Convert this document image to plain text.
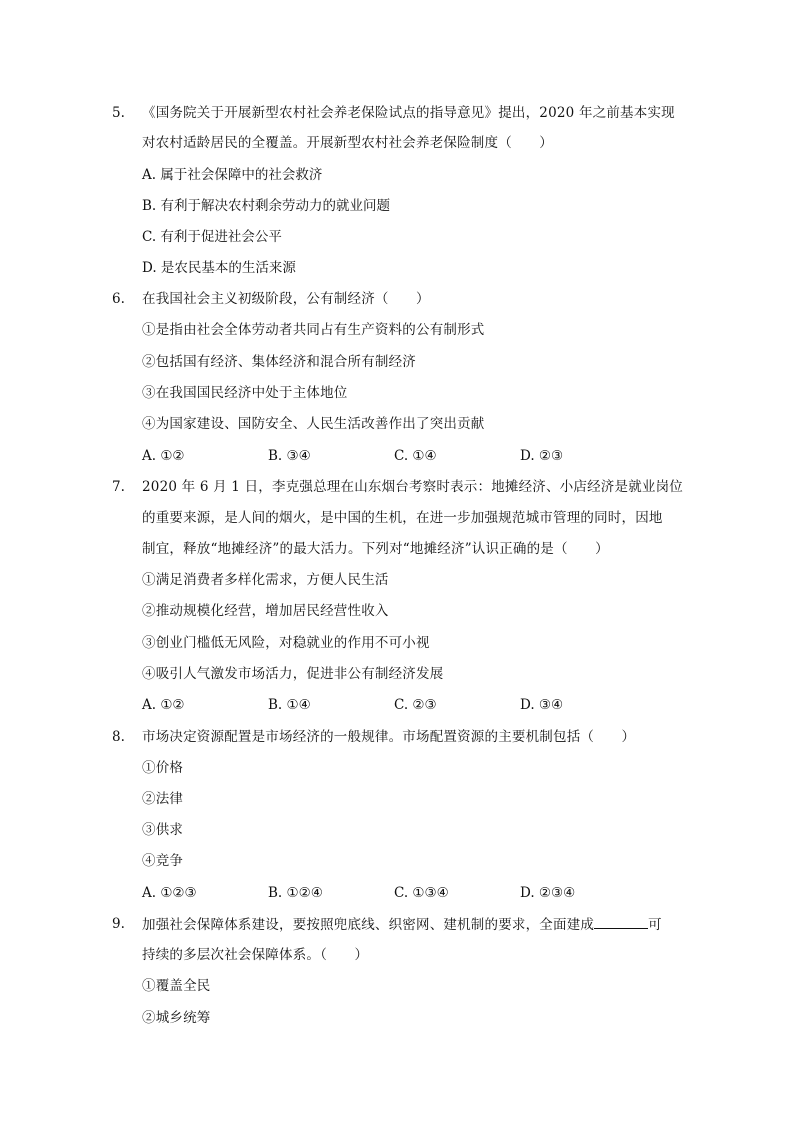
5. 《国务院关于开展新型农村社会养老保险试点的指导意见》提出，2020 年之前基本实现
对农村适龄居民的全覆盖。开展新型农村社会养老保险制度（　　）
A. 属于社会保障中的社会救济
B. 有利于解决农村剩余劳动力的就业问题
C. 有利于促进社会公平
D. 是农民基本的生活来源
6. 在我国社会主义初级阶段，公有制经济（　　）
①是指由社会全体劳动者共同占有生产资料的公有制形式
②包括国有经济、集体经济和混合所有制经济
③在我国国民经济中处于主体地位
④为国家建设、国防安全、人民生活改善作出了突出贡献
A. ①②	B. ③④	C. ①④	D. ②③
7. 2020 年 6 月 1 日，李克强总理在山东烟台考察时表示：地摊经济、小店经济是就业岗位
的重要来源，是人间的烟火，是中国的生机，在进一步加强规范城市管理的同时，因地
制宜，释放“地摊经济”的最大活力。下列对“地摊经济”认识正确的是（　　）
①满足消费者多样化需求，方便人民生活
②推动规模化经营，增加居民经营性收入
③创业门槛低无风险，对稳就业的作用不可小视
④吸引人气激发市场活力，促进非公有制经济发展
A. ①②	B. ①④	C. ②③	D. ③④
8. 市场决定资源配置是市场经济的一般规律。市场配置资源的主要机制包括（　　）
①价格
②法律
③供求
④竞争
A. ①②③	B. ①②④	C. ①③④	D. ②③④
9. 加强社会保障体系建设，要按照兜底线、织密网、建机制的要求，全面建成	可
持续的多层次社会保障体系。（　　）
①覆盖全民
②城乡统筹
